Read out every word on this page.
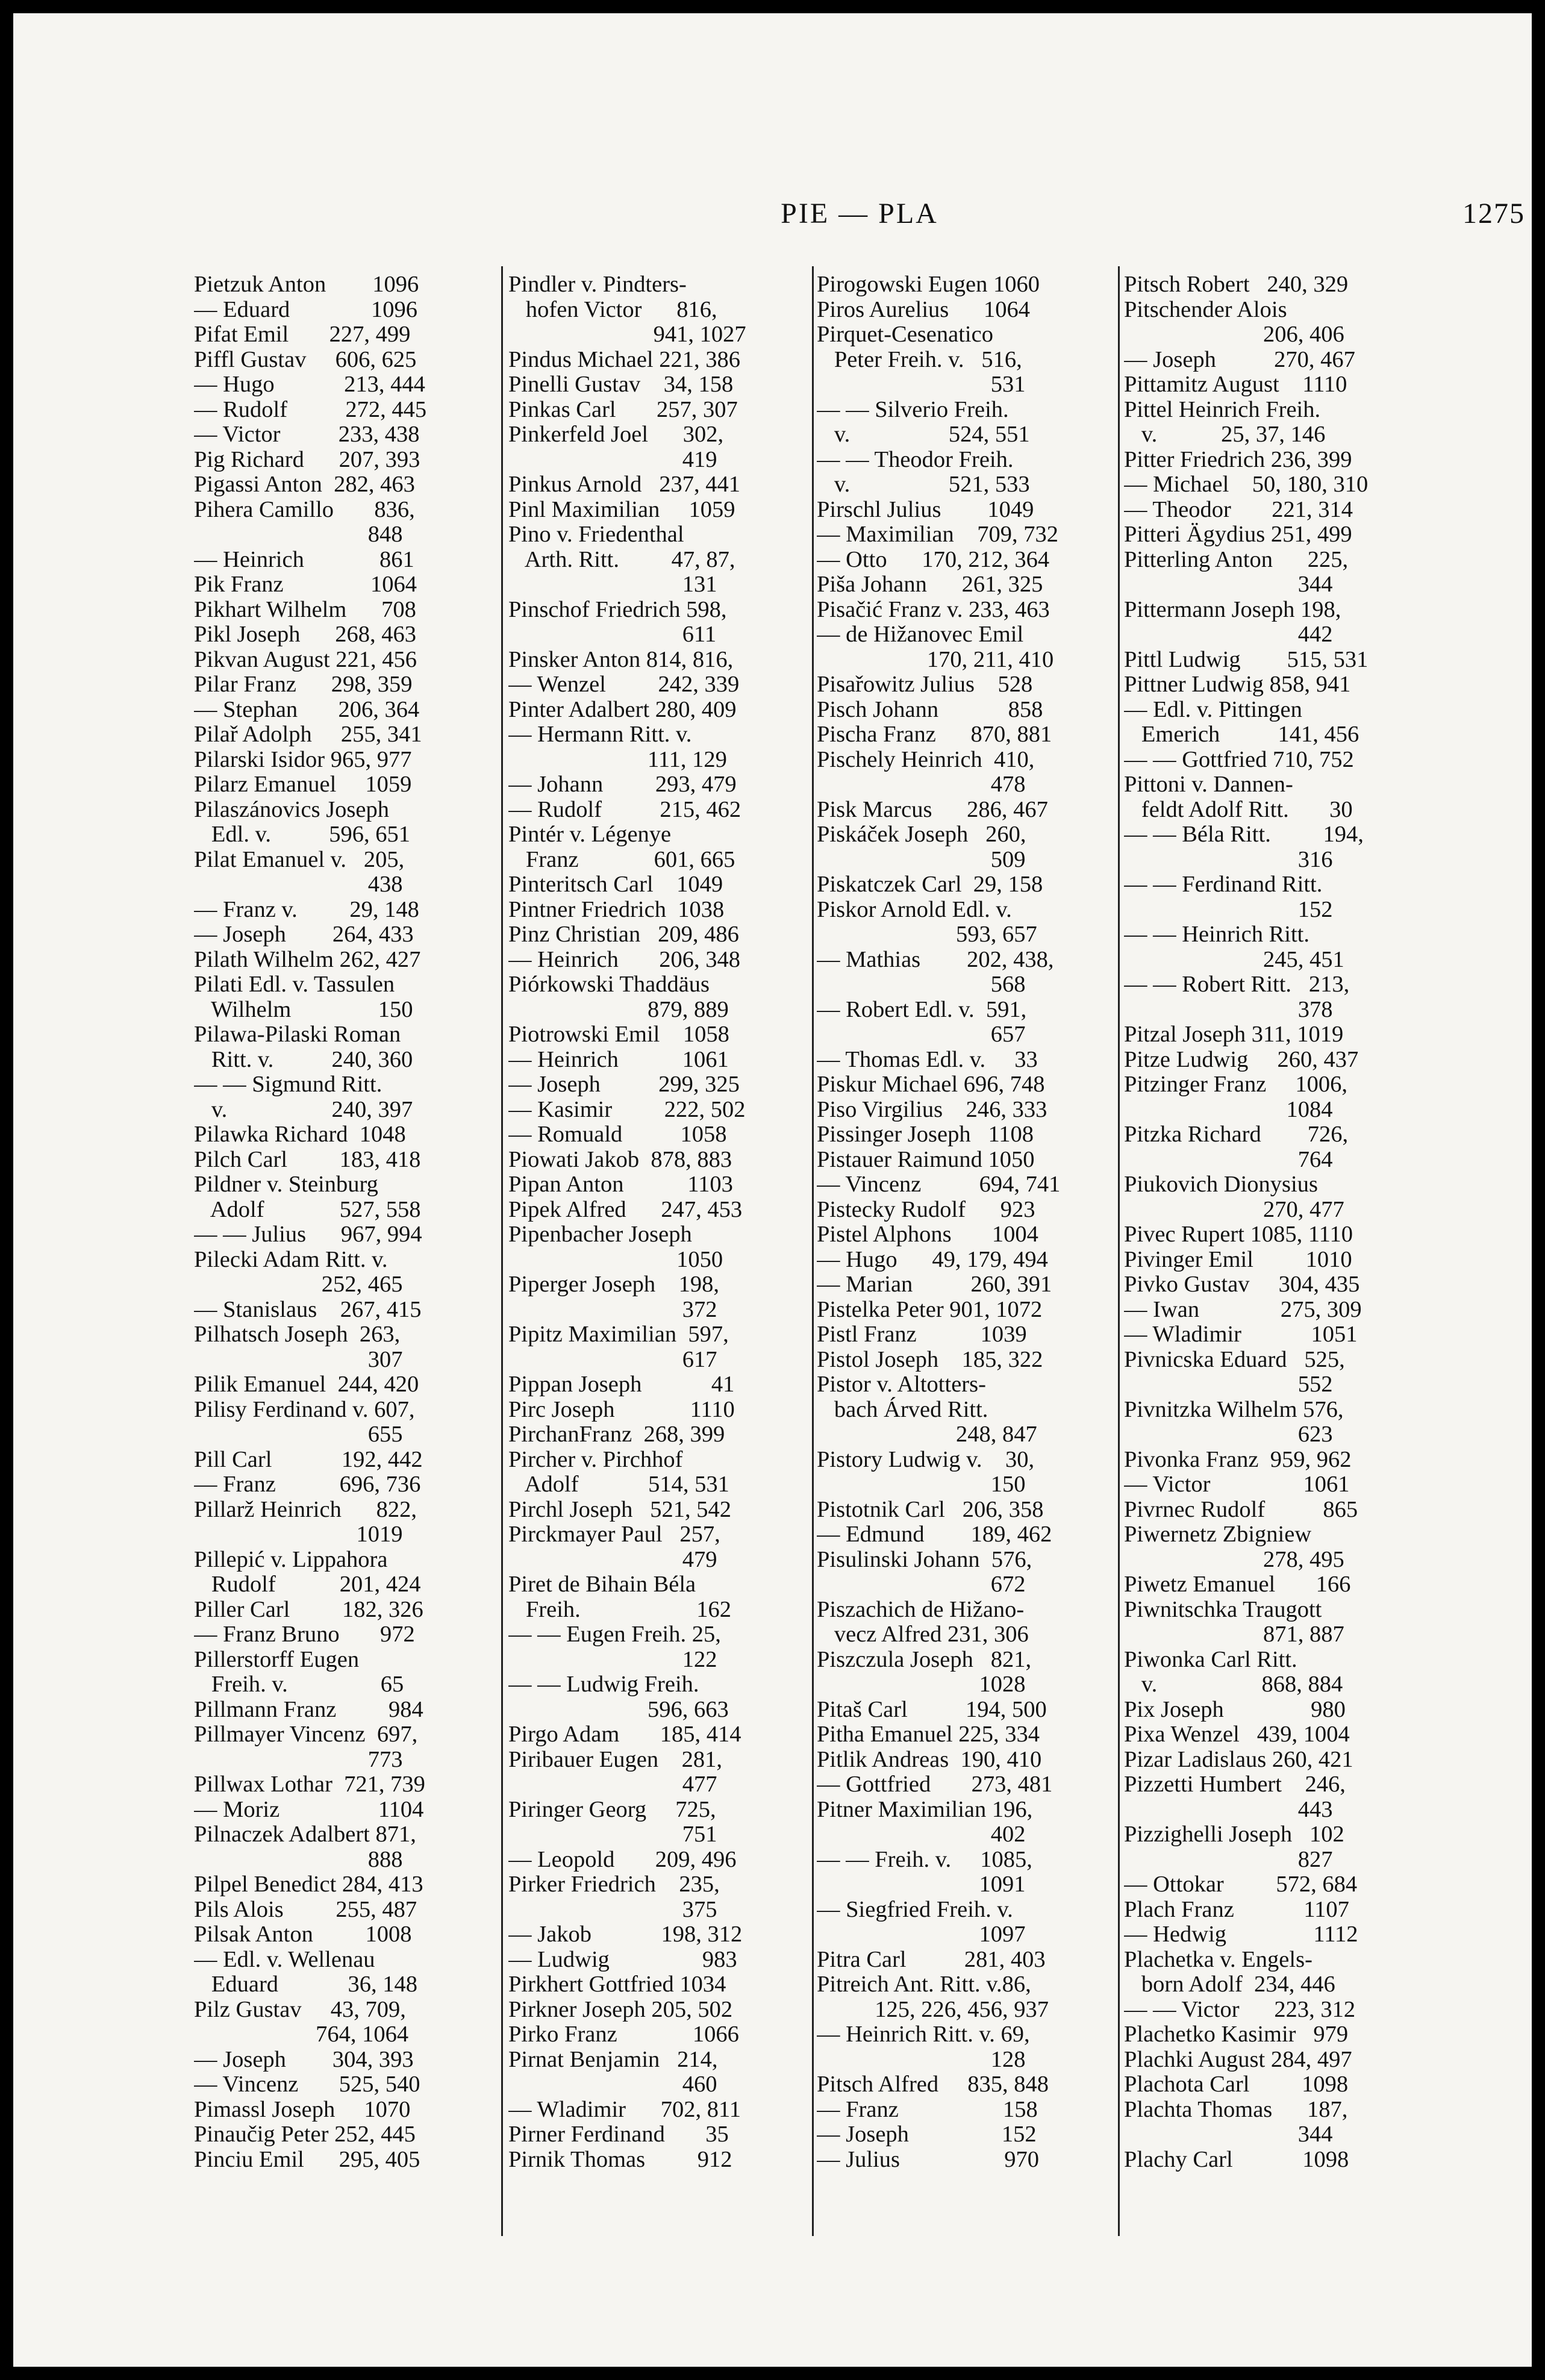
PIE — PLA	1275
Pietzuk Anton        1096
— Eduard              1096
Pifat Emil       227, 499
Piffl Gustav     606, 625
— Hugo            213, 444
— Rudolf          272, 445
— Victor          233, 438
Pig Richard      207, 393
Pigassi Anton  282, 463
Pihera Camillo       836,
848
— Heinrich             861
Pik Franz               1064
Pikhart Wilhelm      708
Pikl Joseph      268, 463
Pikvan August 221, 456
Pilar Franz      298, 359
— Stephan       206, 364
Pilař Adolph     255, 341
Pilarski Isidor 965, 977
Pilarz Emanuel     1059
Pilaszánovics Joseph
Edl. v.          596, 651
Pilat Emanuel v.   205,
438
— Franz v.         29, 148
— Joseph        264, 433
Pilath Wilhelm 262, 427
Pilati Edl. v. Tassulen
Wilhelm               150
Pilawa-Pilaski Roman
Ritt. v.          240, 360
— — Sigmund Ritt.
v.                  240, 397
Pilawka Richard  1048
Pilch Carl         183, 418
Pildner v. Steinburg
Adolf             527, 558
— — Julius      967, 994
Pilecki Adam Ritt. v.
252, 465
— Stanislaus    267, 415
Pilhatsch Joseph  263,
307
Pilik Emanuel  244, 420
Pilisy Ferdinand v. 607,
655
Pill Carl            192, 442
— Franz           696, 736
Pillarž Heinrich      822,
1019
Pillepić v. Lippahora
Rudolf           201, 424
Piller Carl         182, 326
— Franz Bruno       972
Pillerstorff Eugen
Freih. v.                65
Pillmann Franz         984
Pillmayer Vincenz  697,
773
Pillwax Lothar  721, 739
— Moriz                 1104
Pilnaczek Adalbert 871,
888
Pilpel Benedict 284, 413
Pils Alois         255, 487
Pilsak Anton         1008
— Edl. v. Wellenau
Eduard            36, 148
Pilz Gustav     43, 709,
764, 1064
— Joseph        304, 393
— Vincenz       525, 540
Pimassl Joseph     1070
Pinaučig Peter 252, 445
Pinciu Emil      295, 405
Pindler v. Pindters-
hofen Victor      816,
941, 1027
Pindus Michael 221, 386
Pinelli Gustav    34, 158
Pinkas Carl       257, 307
Pinkerfeld Joel      302,
419
Pinkus Arnold   237, 441
Pinl Maximilian     1059
Pino v. Friedenthal
Arth. Ritt.         47, 87,
131
Pinschof Friedrich 598,
611
Pinsker Anton 814, 816,
— Wenzel         242, 339
Pinter Adalbert 280, 409
— Hermann Ritt. v.
111, 129
— Johann         293, 479
— Rudolf          215, 462
Pintér v. Légenye
Franz             601, 665
Pinteritsch Carl    1049
Pintner Friedrich  1038
Pinz Christian   209, 486
— Heinrich       206, 348
Piórkowski Thaddäus
879, 889
Piotrowski Emil    1058
— Heinrich           1061
— Joseph          299, 325
— Kasimir         222, 502
— Romuald          1058
Piowati Jakob  878, 883
Pipan Anton           1103
Pipek Alfred      247, 453
Pipenbacher Joseph
1050
Piperger Joseph    198,
372
Pipitz Maximilian  597,
617
Pippan Joseph            41
Pirc Joseph             1110
PirchanFranz  268, 399
Pircher v. Pirchhof
Adolf            514, 531
Pirchl Joseph   521, 542
Pirckmayer Paul   257,
479
Piret de Bihain Béla
Freih.                    162
— — Eugen Freih. 25,
122
— — Ludwig Freih.
596, 663
Pirgo Adam       185, 414
Piribauer Eugen    281,
477
Piringer Georg     725,
751
— Leopold       209, 496
Pirker Friedrich    235,
375
— Jakob            198, 312
— Ludwig                983
Pirkhert Gottfried 1034
Pirkner Joseph 205, 502
Pirko Franz             1066
Pirnat Benjamin   214,
460
— Wladimir      702, 811
Pirner Ferdinand       35
Pirnik Thomas         912
Pirogowski Eugen 1060
Piros Aurelius      1064
Pirquet-Cesenatico
Peter Freih. v.   516,
531
— — Silverio Freih.
v.                 524, 551
— — Theodor Freih.
v.                 521, 533
Pirschl Julius        1049
— Maximilian    709, 732
— Otto      170, 212, 364
Piša Johann      261, 325
Pisačić Franz v. 233, 463
— de Hižanovec Emil
170, 211, 410
Pisařowitz Julius    528
Pisch Johann            858
Pischa Franz      870, 881
Pischely Heinrich  410,
478
Pisk Marcus      286, 467
Piskáček Joseph   260,
509
Piskatczek Carl  29, 158
Piskor Arnold Edl. v.
593, 657
— Mathias        202, 438,
568
— Robert Edl. v.  591,
657
— Thomas Edl. v.     33
Piskur Michael 696, 748
Piso Virgilius    246, 333
Pissinger Joseph   1108
Pistauer Raimund 1050
— Vincenz          694, 741
Pistecky Rudolf      923
Pistel Alphons       1004
— Hugo      49, 179, 494
— Marian          260, 391
Pistelka Peter 901, 1072
Pistl Franz           1039
Pistol Joseph    185, 322
Pistor v. Altotters-
bach Árved Ritt.
248, 847
Pistory Ludwig v.    30,
150
Pistotnik Carl   206, 358
— Edmund        189, 462
Pisulinski Johann  576,
672
Piszachich de Hižano-
vecz Alfred 231, 306
Piszczula Joseph   821,
1028
Pitaš Carl          194, 500
Pitha Emanuel 225, 334
Pitlik Andreas  190, 410
— Gottfried       273, 481
Pitner Maximilian 196,
402
— — Freih. v.     1085,
1091
— Siegfried Freih. v.
1097
Pitra Carl          281, 403
Pitreich Ant. Ritt. v.86,
125, 226, 456, 937
— Heinrich Ritt. v. 69,
128
Pitsch Alfred     835, 848
— Franz                  158
— Joseph                152
— Julius                  970
Pitsch Robert   240, 329
Pitschender Alois
206, 406
— Joseph          270, 467
Pittamitz August    1110
Pittel Heinrich Freih.
v.           25, 37, 146
Pitter Friedrich 236, 399
— Michael    50, 180, 310
— Theodor       221, 314
Pitteri Ägydius 251, 499
Pitterling Anton      225,
344
Pittermann Joseph 198,
442
Pittl Ludwig        515, 531
Pittner Ludwig 858, 941
— Edl. v. Pittingen
Emerich          141, 456
— — Gottfried 710, 752
Pittoni v. Dannen-
feldt Adolf Ritt.       30
— — Béla Ritt.         194,
316
— — Ferdinand Ritt.
152
— — Heinrich Ritt.
245, 451
— — Robert Ritt.   213,
378
Pitzal Joseph 311, 1019
Pitze Ludwig     260, 437
Pitzinger Franz     1006,
1084
Pitzka Richard        726,
764
Piukovich Dionysius
270, 477
Pivec Rupert 1085, 1110
Pivinger Emil         1010
Pivko Gustav     304, 435
— Iwan              275, 309
— Wladimir            1051
Pivnicska Eduard   525,
552
Pivnitzka Wilhelm 576,
623
Pivonka Franz  959, 962
— Victor                1061
Pivrnec Rudolf          865
Piwernetz Zbigniew
278, 495
Piwetz Emanuel       166
Piwnitschka Traugott
871, 887
Piwonka Carl Ritt.
v.                  868, 884
Pix Joseph               980
Pixa Wenzel   439, 1004
Pizar Ladislaus 260, 421
Pizzetti Humbert    246,
443
Pizzighelli Joseph   102
827
— Ottokar         572, 684
Plach Franz            1107
— Hedwig               1112
Plachetka v. Engels-
born Adolf  234, 446
— — Victor      223, 312
Plachetko Kasimir   979
Plachki August 284, 497
Plachota Carl         1098
Plachta Thomas      187,
344
Plachy Carl            1098
